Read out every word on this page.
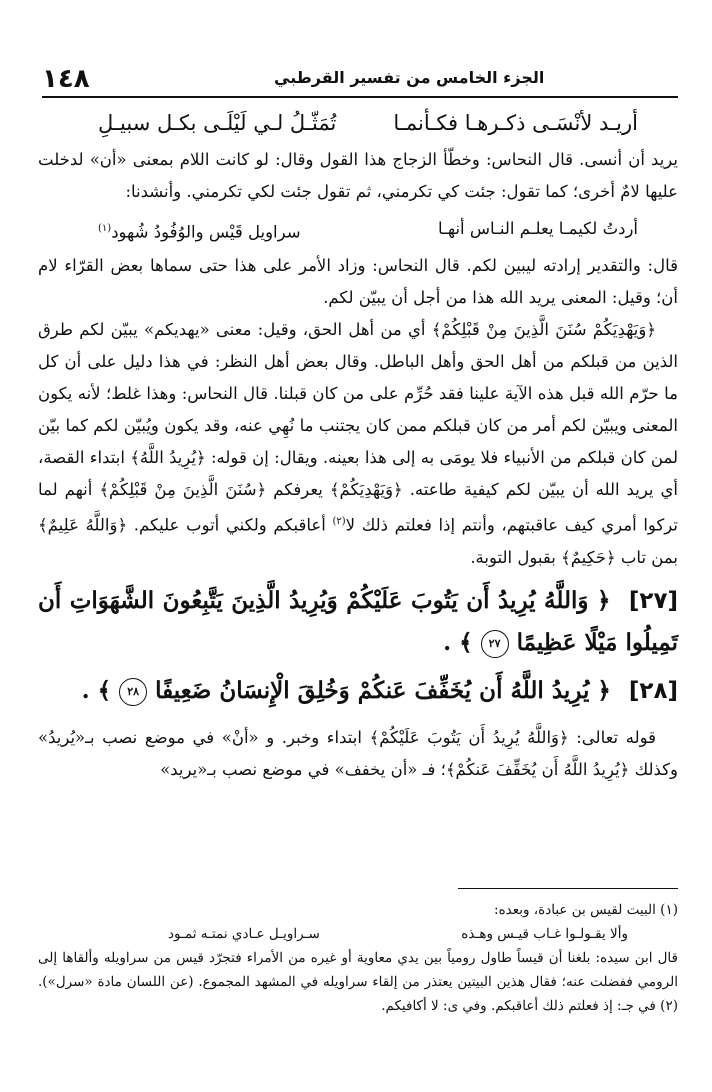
١٤٨	الجزء الخامس من تفسير القرطبي
أريـد لأنْسَـى ذكـرهـا فكـأنمـا
تُمَثّـلُ لـي لَيْلَـى بكـل سبيـلِ

يريد أن أنسى. قال النحاس: وخطّأ الزجاج هذا القول وقال: لو كانت اللام بمعنى «أن» لدخلت عليها لامٌ أخرى؛ كما تقول: جئت كي تكرمني، ثم تقول جئت لكي تكرمني. وأنشدنا:

أردتُ لكيمـا يعلـم النـاس أنهـا
سراويل قَيْس والوُفُودُ شُهود$^{(١)}$

قال: والتقدير إرادته ليبين لكم. قال النحاس: وزاد الأمر على هذا حتى سماها بعض القرّاء لام أن؛ وقيل: المعنى يريد الله هذا من أجل أن يبيّن لكم.

﴿وَيَهْدِيَكُمْ سُنَنَ الَّذِينَ مِنْ قَبْلِكُمْ﴾ أي من أهل الحق، وقيل: معنى «يهديكم» يبيّن لكم طرق الذين من قبلكم من أهل الحق وأهل الباطل. وقال بعض أهل النظر: في هذا دليل على أن كل ما حرّم الله قبل هذه الآية علينا فقد حُرِّم على من كان قبلنا. قال النحاس: وهذا غلط؛ لأنه يكون المعنى ويبيّن لكم أمر من كان قبلكم ممن كان يجتنب ما نُهِي عنه، وقد يكون ويُبيّن لكم كما بيّن لمن كان قبلكم من الأنبياء فلا يومَى به إلى هذا بعينه. ويقال: إن قوله: ﴿يُرِيدُ اللَّهُ﴾ ابتداء القصة، أي يريد الله أن يبيّن لكم كيفية طاعته. ﴿وَيَهْدِيَكُمْ﴾ يعرفكم ﴿سُنَنَ الَّذِينَ مِنْ قَبْلِكُمْ﴾ أنهم لما تركوا أمري كيف عاقبتهم، وأنتم إذا فعلتم ذلك لا$^{(٢)}$ أعاقبكم ولكني أتوب عليكم. ﴿وَاللَّهُ عَلِيمٌ﴾ بمن تاب ﴿حَكِيمٌ﴾ بقبول التوبة.

[٢٧] ﴿ وَاللَّهُ يُرِيدُ أَن يَتُوبَ عَلَيْكُمْ وَيُرِيدُ الَّذِينَ يَتَّبِعُونَ الشَّهَوَاتِ أَن تَمِيلُوا مَيْلًا عَظِيمًا ٢٧ ﴾ .
[٢٨] ﴿ يُرِيدُ اللَّهُ أَن يُخَفِّفَ عَنكُمْ وَخُلِقَ الْإِنسَانُ ضَعِيفًا ٢٨ ﴾ .

قوله تعالى: ﴿وَاللَّهُ يُرِيدُ أَن يَتُوبَ عَلَيْكُمْ﴾ ابتداء وخبر. و «أنْ» في موضع نصب بـ«يُريدُ» وكذلك ﴿يُرِيدُ اللَّهُ أَن يُخَفِّفَ عَنكُمْ﴾؛ فـ «أن يخفف» في موضع نصب بـ«يريد»

(١) البيت لقيس بن عبادة، وبعده:

وألا يقـولـوا غـاب قيـس وهـذه
سـراويـل عـادي نمتـه ثمـود

قال ابن سيده: بلغنا أن قيساً طاول رومياً بين يدي معاوية أو غيره من الأمراء فتجرّد قيس من سراويله وألقاها إلى الرومي ففضلت عنه؛ فقال هذين البيتين يعتذر من إلقاء سراويله في المشهد المجموع. (عن اللسان مادة «سرل»). (٢) في جـ: إذ فعلتم ذلك أعاقبكم. وفي ى: لا أكافيكم.
